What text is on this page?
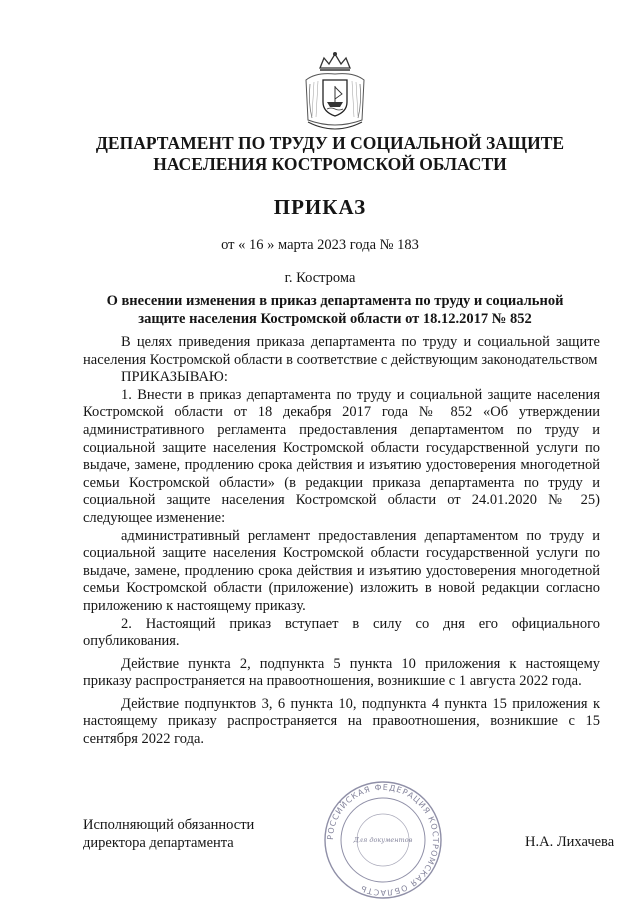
ДЕПАРТАМЕНТ ПО ТРУДУ И СОЦИАЛЬНОЙ ЗАЩИТЕ
НАСЕЛЕНИЯ КОСТРОМСКОЙ ОБЛАСТИ
ПРИКАЗ
от « 16 » марта 2023 года № 183
г. Кострома
О внесении изменения в приказ департамента по труду и социальной
защите населения Костромской области от 18.12.2017 № 852

В целях приведения приказа департамента по труду и социальной защите населения Костромской области в соответствие с действующим законодательством

ПРИКАЗЫВАЮ:

1. Внести в приказ департамента по труду и социальной защите населения Костромской области от 18 декабря 2017 года № 852 «Об утверждении административного регламента предоставления департаментом по труду и социальной защите населения Костромской области государственной услуги по выдаче, замене, продлению срока действия и изъятию удостоверения многодетной семьи Костромской области» (в редакции приказа департамента по труду и социальной защите населения Костромской области от 24.01.2020 № 25) следующее изменение:

административный регламент предоставления департаментом по труду и социальной защите населения Костромской области государственной услуги по выдаче, замене, продлению срока действия и изъятию удостоверения многодетной семьи Костромской области (приложение) изложить в новой редакции согласно приложению к настоящему приказу.

2. Настоящий приказ вступает в силу со дня его официального опубликования.

Действие пункта 2, подпункта 5 пункта 10 приложения к настоящему приказу распространяется на правоотношения, возникшие с 1 августа 2022 года.

Действие подпунктов 3, 6 пункта 10, подпункта 4 пункта 15 приложения к настоящему приказу распространяется на правоотношения, возникшие с 15 сентября 2022 года.

РОССИЙСКАЯ ФЕДЕРАЦИЯ КОСТРОМСКАЯ ОБЛАСТЬ
Для документов
Исполняющий обязанности
директора департамента	Н.А. Лихачева
